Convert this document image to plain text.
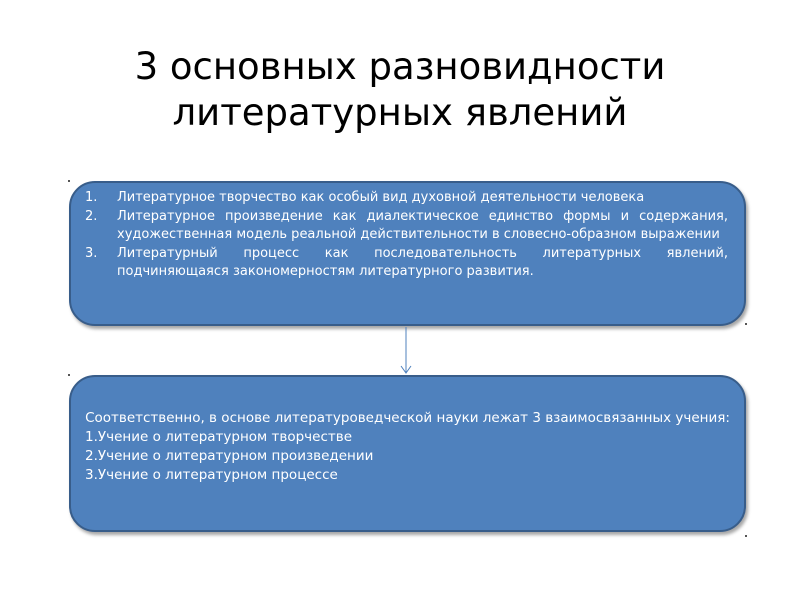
3 основных разновидности
литературных явлений
1.	Литературное творчество как особый вид духовной деятельности человека
2.	Литературное произведение как диалектическое единство формы и содержания, художественная модель реальной действительности в словесно-образном выражении
3.	Литературный процесс как последовательность литературных явлений, подчиняющаяся закономерностям литературного развития.
Соответственно, в основе литературоведческой науки лежат 3 взаимосвязанных учения:
1.Учение о литературном творчестве
2.Учение о литературном произведении
3.Учение о литературном процессе
